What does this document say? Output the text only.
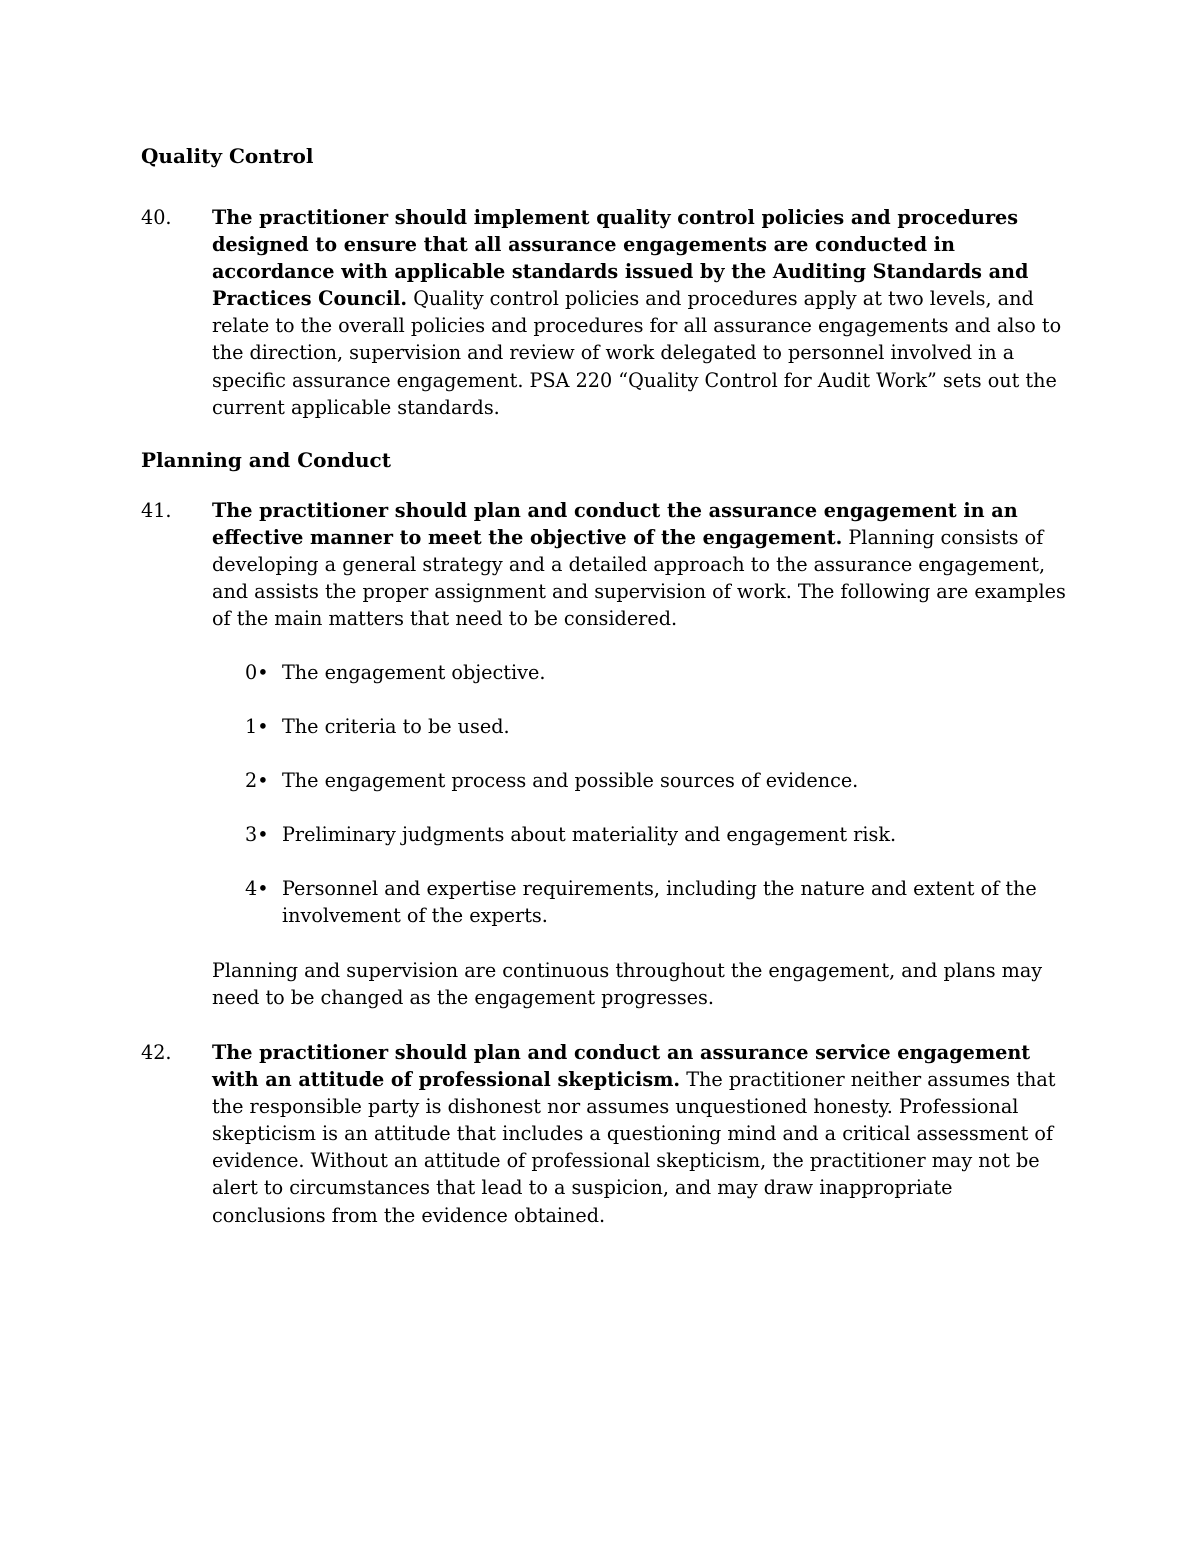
Quality Control
40.	The practitioner should implement quality control policies and procedures designed to ensure that all assurance engagements are conducted in accordance with applicable standards issued by the Auditing Standards and Practices Council. Quality control policies and procedures apply at two levels, and relate to the overall policies and procedures for all assurance engagements and also to the direction, supervision and review of work delegated to personnel involved in a specific assurance engagement. PSA 220 “Quality Control for Audit Work” sets out the current applicable standards.
Planning and Conduct
41.	The practitioner should plan and conduct the assurance engagement in an effective manner to meet the objective of the engagement. Planning consists of developing a general strategy and a detailed approach to the assurance engagement, and assists the proper assignment and supervision of work. The following are examples of the main matters that need to be considered.
0• The engagement objective.
1• The criteria to be used.
2• The engagement process and possible sources of evidence.
3• Preliminary judgments about materiality and engagement risk.
4• Personnel and expertise requirements, including the nature and extent of the involvement of the experts.
Planning and supervision are continuous throughout the engagement, and plans may need to be changed as the engagement progresses.
42.	The practitioner should plan and conduct an assurance service engagement with an attitude of professional skepticism. The practitioner neither assumes that the responsible party is dishonest nor assumes unquestioned honesty. Professional skepticism is an attitude that includes a questioning mind and a critical assessment of evidence. Without an attitude of professional skepticism, the practitioner may not be alert to circumstances that lead to a suspicion, and may draw inappropriate conclusions from the evidence obtained.
